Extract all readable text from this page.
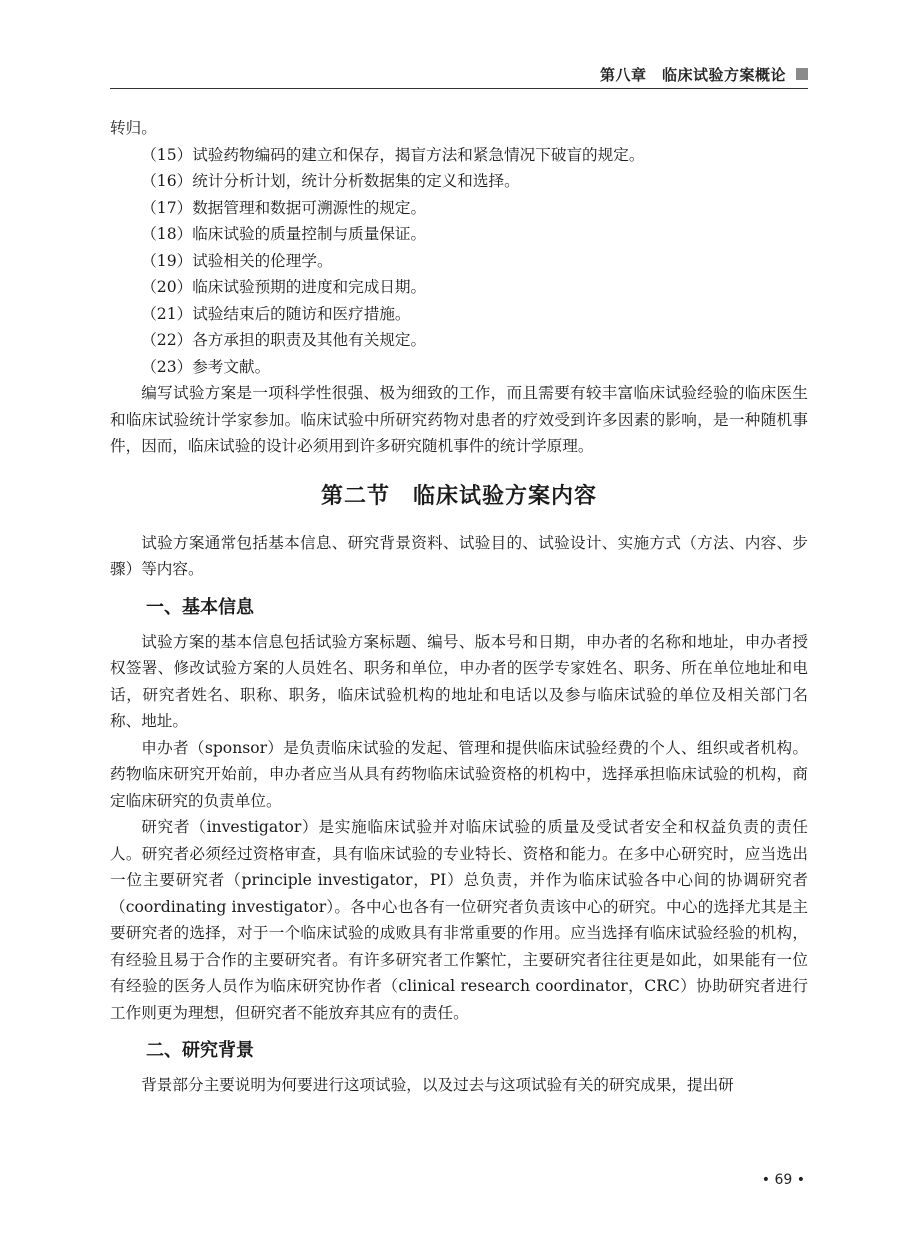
第八章　临床试验方案概论

转归。

（15）试验药物编码的建立和保存，揭盲方法和紧急情况下破盲的规定。

（16）统计分析计划，统计分析数据集的定义和选择。

（17）数据管理和数据可溯源性的规定。

（18）临床试验的质量控制与质量保证。

（19）试验相关的伦理学。

（20）临床试验预期的进度和完成日期。

（21）试验结束后的随访和医疗措施。

（22）各方承担的职责及其他有关规定。

（23）参考文献。

编写试验方案是一项科学性很强、极为细致的工作，而且需要有较丰富临床试验经验的临床医生和临床试验统计学家参加。临床试验中所研究药物对患者的疗效受到许多因素的影响，是一种随机事件，因而，临床试验的设计必须用到许多研究随机事件的统计学原理。

第二节　临床试验方案内容

试验方案通常包括基本信息、研究背景资料、试验目的、试验设计、实施方式（方法、内容、步骤）等内容。

一、基本信息

试验方案的基本信息包括试验方案标题、编号、版本号和日期，申办者的名称和地址，申办者授权签署、修改试验方案的人员姓名、职务和单位，申办者的医学专家姓名、职务、所在单位地址和电话，研究者姓名、职称、职务，临床试验机构的地址和电话以及参与临床试验的单位及相关部门名称、地址。

申办者（sponsor）是负责临床试验的发起、管理和提供临床试验经费的个人、组织或者机构。药物临床研究开始前，申办者应当从具有药物临床试验资格的机构中，选择承担临床试验的机构，商定临床研究的负责单位。

研究者（investigator）是实施临床试验并对临床试验的质量及受试者安全和权益负责的责任人。研究者必须经过资格审查，具有临床试验的专业特长、资格和能力。在多中心研究时，应当选出一位主要研究者（principle investigator，PI）总负责，并作为临床试验各中心间的协调研究者（coordinating investigator）。各中心也各有一位研究者负责该中心的研究。中心的选择尤其是主要研究者的选择，对于一个临床试验的成败具有非常重要的作用。应当选择有临床试验经验的机构，有经验且易于合作的主要研究者。有许多研究者工作繁忙，主要研究者往往更是如此，如果能有一位有经验的医务人员作为临床研究协作者（clinical research coordinator，CRC）协助研究者进行工作则更为理想，但研究者不能放弃其应有的责任。

二、研究背景

背景部分主要说明为何要进行这项试验，以及过去与这项试验有关的研究成果，提出研

• 69 •
